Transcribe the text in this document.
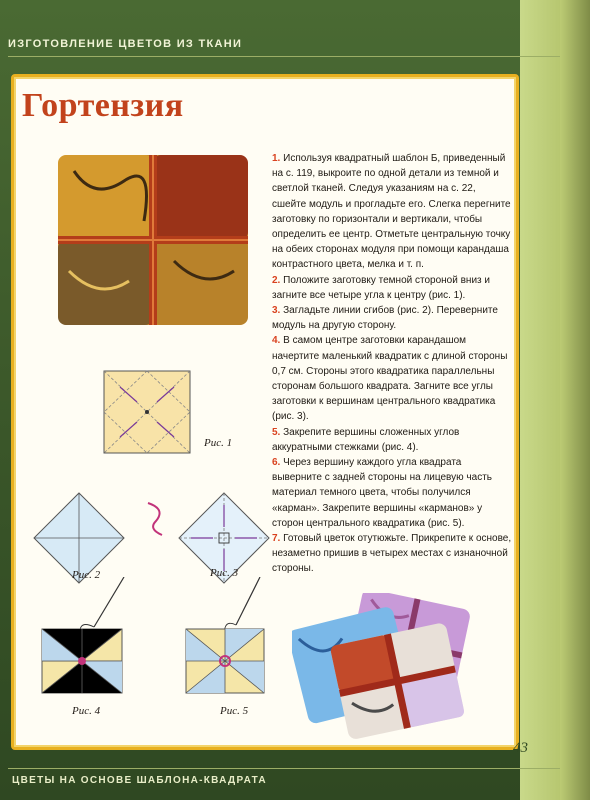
ИЗГОТОВЛЕНИЕ ЦВЕТОВ ИЗ ТКАНИ

Гортензия

Рис. 1

Рис. 2	Рис. 3

Рис. 4	Рис. 5

1. Используя квадратный шаблон Б, приведенный на с. 119, выкроите по одной детали из темной и светлой тканей. Следуя указаниям на с. 22, сшейте модуль и прогладьте его. Слегка перегните заготовку по горизонтали и вертикали, чтобы определить ее центр. Отметьте центральную точку на обеих сторонах модуля при помощи карандаша контрастного цвета, мелка и т. п.

2. Положите заготовку темной стороной вниз и загните все четыре угла к центру (рис. 1).

3. Загладьте линии сгибов (рис. 2). Переверните модуль на другую сторону.

4. В самом центре заготовки карандашом начертите маленький квадратик с длиной стороны 0,7 см. Стороны этого квадратика параллельны сторонам большого квадрата. Загните все углы заготовки к вершинам центрального квадратика (рис. 3).

5. Закрепите вершины сложенных углов аккуратными стежками (рис. 4).

6. Через вершину каждого угла квадрата выверните с задней стороны на лицевую часть материал темного цвета, чтобы получился «карман». Закрепите вершины «карманов» у сторон центрального квадратика (рис. 5).

7. Готовый цветок отутюжьте. Прикрепите к основе, незаметно пришив в четырех местах с изнаночной стороны.

ЦВЕТЫ НА ОСНОВЕ ШАБЛОНА-КВАДРАТА

43
